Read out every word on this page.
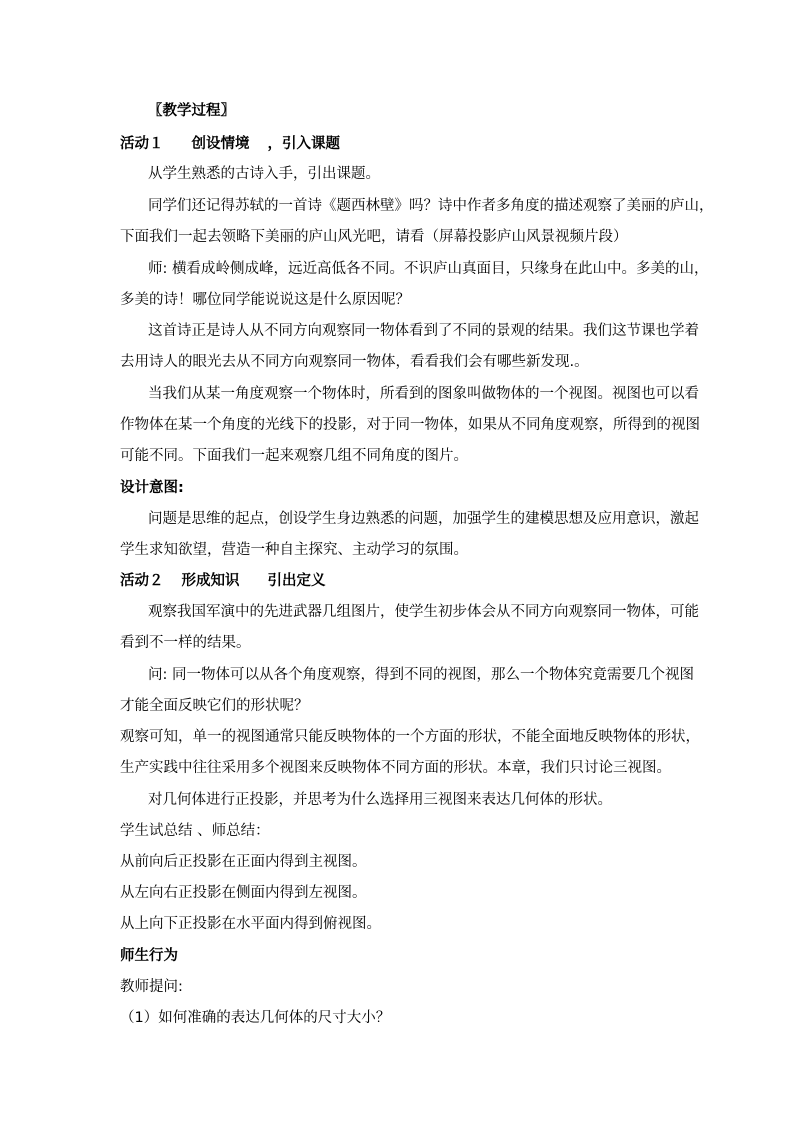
〖教学过程〗
活动１ 创设情境 ，引入课题
从学生熟悉的古诗入手，引出课题。
同学们还记得苏轼的一首诗《题西林壁》吗？诗中作者多角度的描述观察了美丽的庐山，
下面我们一起去领略下美丽的庐山风光吧，请看（屏幕投影庐山风景视频片段）
师: 横看成岭侧成峰，远近高低各不同。不识庐山真面目，只缘身在此山中。多美的山，
多美的诗！哪位同学能说说这是什么原因呢？
这首诗正是诗人从不同方向观察同一物体看到了不同的景观的结果。我们这节课也学着
去用诗人的眼光去从不同方向观察同一物体，看看我们会有哪些新发现.。
当我们从某一角度观察一个物体时，所看到的图象叫做物体的一个视图。视图也可以看
作物体在某一个角度的光线下的投影，对于同一物体，如果从不同角度观察，所得到的视图
可能不同。下面我们一起来观察几组不同角度的图片。
设计意图:
问题是思维的起点，创设学生身边熟悉的问题，加强学生的建模思想及应用意识，激起
学生求知欲望，营造一种自主探究、主动学习的氛围。
活动２ 形成知识 引出定义
观察我国军演中的先进武器几组图片，使学生初步体会从不同方向观察同一物体，可能
看到不一样的结果。
问: 同一物体可以从各个角度观察，得到不同的视图，那么一个物体究竟需要几个视图
才能全面反映它们的形状呢？
观察可知，单一的视图通常只能反映物体的一个方面的形状，不能全面地反映物体的形状，
生产实践中往往采用多个视图来反映物体不同方面的形状。本章，我们只讨论三视图。
对几何体进行正投影，并思考为什么选择用三视图来表达几何体的形状。
学生试总结 、师总结：
从前向后正投影在正面内得到主视图。
从左向右正投影在侧面内得到左视图。
从上向下正投影在水平面内得到俯视图。
师生行为
教师提问:
（1）如何准确的表达几何体的尺寸大小？
